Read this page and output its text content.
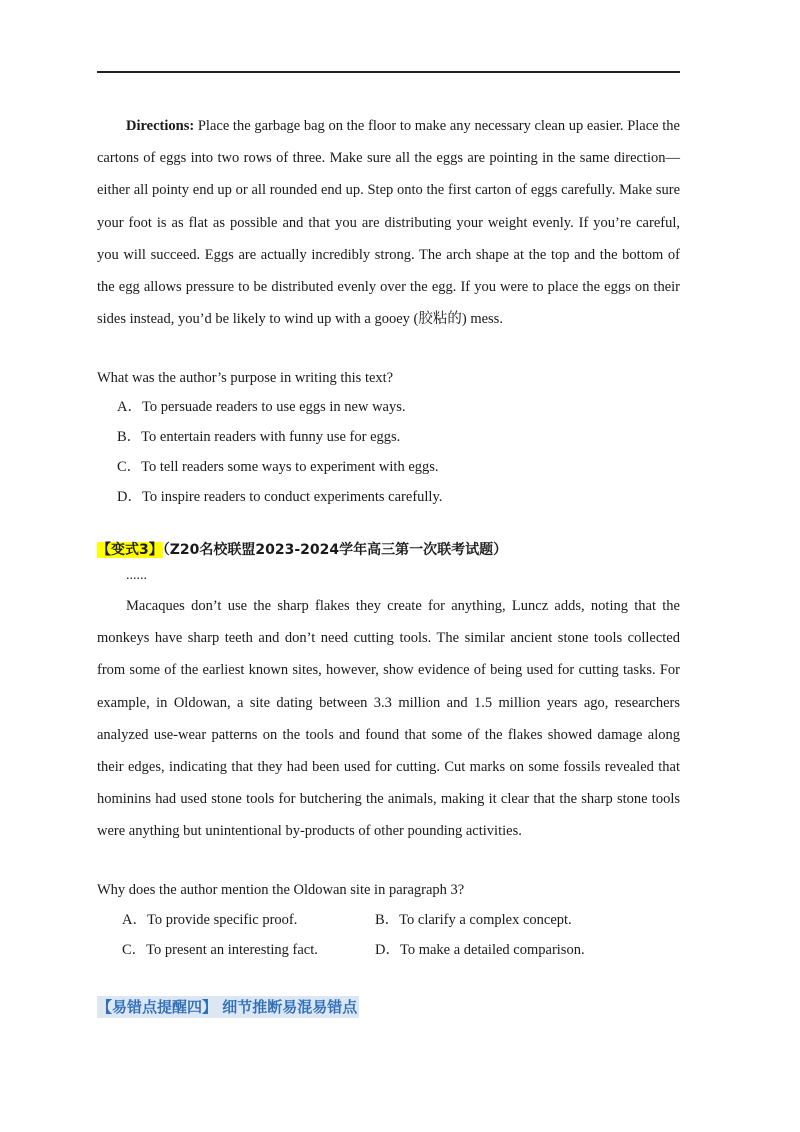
Directions: Place the garbage bag on the floor to make any necessary clean up easier. Place the cartons of eggs into two rows of three. Make sure all the eggs are pointing in the same direction—either all pointy end up or all rounded end up. Step onto the first carton of eggs carefully. Make sure your foot is as flat as possible and that you are distributing your weight evenly. If you’re careful, you will succeed. Eggs are actually incredibly strong. The arch shape at the top and the bottom of the egg allows pressure to be distributed evenly over the egg. If you were to place the eggs on their sides instead, you’d be likely to wind up with a gooey (胶粘的) mess.

What was the author’s purpose in writing this text?

A．To persuade readers to use eggs in new ways.
B．To entertain readers with funny use for eggs.
C．To tell readers some ways to experiment with eggs.
D．To inspire readers to conduct experiments carefully.
【变式3】（Z20名校联盟2023-2024学年高三第一次联考试题）
......

Macaques don’t use the sharp flakes they create for anything, Luncz adds, noting that the monkeys have sharp teeth and don’t need cutting tools. The similar ancient stone tools collected from some of the earliest known sites, however, show evidence of being used for cutting tasks. For example, in Oldowan, a site dating between 3.3 million and 1.5 million years ago, researchers analyzed use-wear patterns on the tools and found that some of the flakes showed damage along their edges, indicating that they had been used for cutting. Cut marks on some fossils revealed that hominins had used stone tools for butchering the animals, making it clear that the sharp stone tools were anything but unintentional by-products of other pounding activities.

Why does the author mention the Oldowan site in paragraph 3?

A．To provide specific proof.	B．To clarify a complex concept.
C．To present an interesting fact.	D．To make a detailed comparison.
【易错点提醒四】 细节推断易混易错点
